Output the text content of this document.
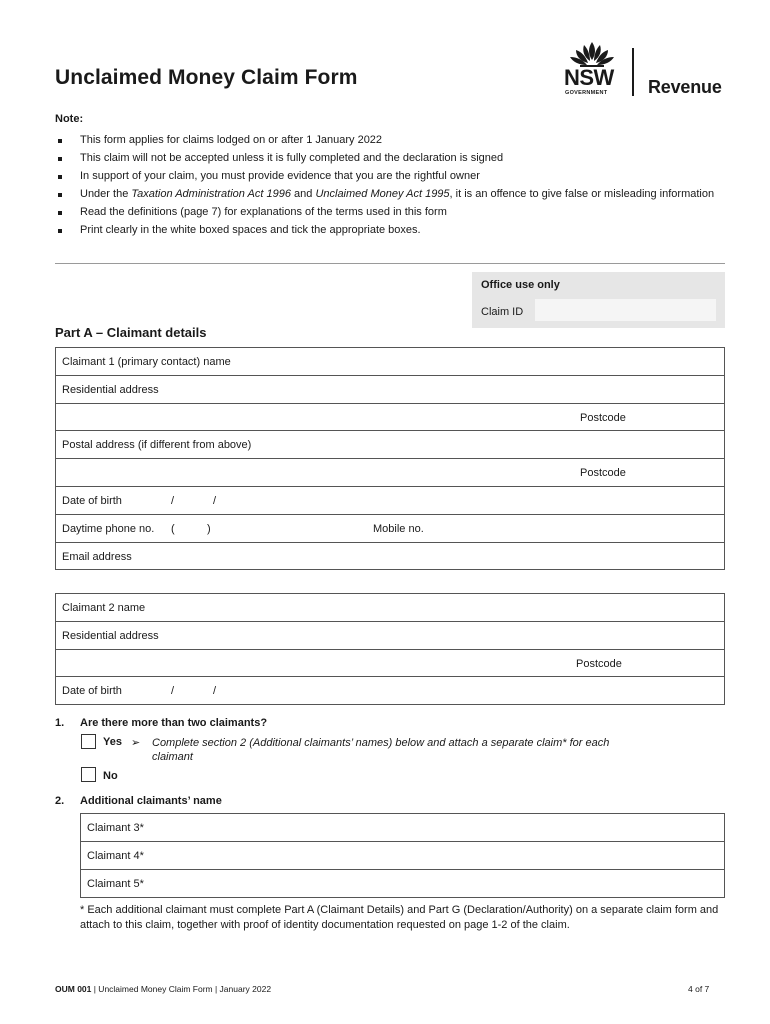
Unclaimed Money Claim Form	NSW
GOVERNMENT Revenue
Note:
This form applies for claims lodged on or after 1 January 2022
This claim will not be accepted unless it is fully completed and the declaration is signed
In support of your claim, you must provide evidence that you are the rightful owner
Under the Taxation Administration Act 1996 and Unclaimed Money Act 1995, it is an offence to give false or misleading information
Read the definitions (page 7) for explanations of the terms used in this form
Print clearly in the white boxed spaces and tick the appropriate boxes.
Office use only
Claim ID
Part A – Claimant details
Claimant 1 (primary contact) name
Residential address
Postcode
Postal address (if different from above)
Postcode
Date of birth	/	/
Daytime phone no. (	)	Mobile no.
Email address
Claimant 2 name
Residential address
Postcode
Date of birth	/	/
1. Are there more than two claimants?
Yes ➢ Complete section 2 (Additional claimants’ names) below and attach a separate claim* for each claimant
No
2. Additional claimants’ name
Claimant 3*
Claimant 4*
Claimant 5*
* Each additional claimant must complete Part A (Claimant Details) and Part G (Declaration/Authority) on a separate claim form and attach to this claim, together with proof of identity documentation requested on page 1-2 of the claim.
OUM 001 | Unclaimed Money Claim Form | January 2022	4 of 7
